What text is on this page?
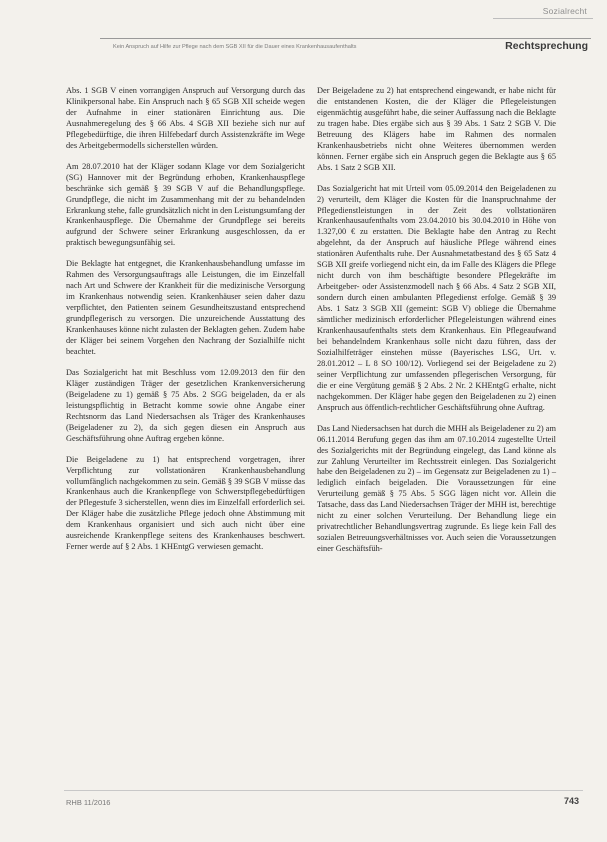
Sozialrecht
Kein Anspruch auf Hilfe zur Pflege nach dem SGB XII für die Dauer eines Krankenhausaufenthalts	Rechtsprechung

Abs. 1 SGB V einen vorrangigen Anspruch auf Versorgung durch das Klinikpersonal habe. Ein Anspruch nach § 65 SGB XII scheide wegen der Aufnahme in einer stationären Einrichtung aus. Die Ausnahmeregelung des § 66 Abs. 4 SGB XII beziehe sich nur auf Pflegebedürftige, die ihren Hilfebedarf durch Assistenzkräfte im Wege des Arbeitgebermodells sicherstellen würden.

Am 28.07.2010 hat der Kläger sodann Klage vor dem Sozialgericht (SG) Hannover mit der Begründung erhoben, Krankenhauspflege beschränke sich gemäß § 39 SGB V auf die Behandlungspflege. Grundpflege, die nicht im Zusammenhang mit der zu behandelnden Erkrankung stehe, falle grundsätzlich nicht in den Leistungsumfang der Krankenhauspflege. Die Übernahme der Grundpflege sei bereits aufgrund der Schwere seiner Erkrankung ausgeschlossen, da er praktisch bewegungsunfähig sei.

Die Beklagte hat entgegnet, die Krankenhausbehandlung umfasse im Rahmen des Versorgungsauftrags alle Leistungen, die im Einzelfall nach Art und Schwere der Krankheit für die medizinische Versorgung im Krankenhaus notwendig seien. Krankenhäuser seien daher dazu verpflichtet, den Patienten seinem Gesundheitszustand entsprechend grundpflegerisch zu versorgen. Die unzureichende Ausstattung des Krankenhauses könne nicht zulasten der Beklagten gehen. Zudem habe der Kläger bei seinem Vorgehen den Nachrang der Sozialhilfe nicht beachtet.

Das Sozialgericht hat mit Beschluss vom 12.09.2013 den für den Kläger zuständigen Träger der gesetzlichen Krankenversicherung (Beigeladene zu 1) gemäß § 75 Abs. 2 SGG beigeladen, da er als leistungspflichtig in Betracht komme sowie ohne Angabe einer Rechtsnorm das Land Niedersachsen als Träger des Krankenhauses (Beigeladener zu 2), da sich gegen diesen ein Anspruch aus Geschäftsführung ohne Auftrag ergeben könne.

Die Beigeladene zu 1) hat entsprechend vorgetragen, ihrer Verpflichtung zur vollstationären Krankenhausbehandlung vollumfänglich nachgekommen zu sein. Gemäß § 39 SGB V müsse das Krankenhaus auch die Krankenpflege von Schwerstpflegebedürftigen der Pflegestufe 3 sicherstellen, wenn dies im Einzelfall erforderlich sei. Der Kläger habe die zusätzliche Pflege jedoch ohne Abstimmung mit dem Krankenhaus organisiert und sich auch nicht über eine ausreichende Krankenpflege seitens des Krankenhauses beschwert. Ferner werde auf § 2 Abs. 1 KHEntgG verwiesen gemacht.

Der Beigeladene zu 2) hat entsprechend eingewandt, er habe nicht für die entstandenen Kosten, die der Kläger die Pflegeleistungen eigenmächtig ausgeführt habe, die seiner Auffassung nach die Beklagte zu tragen habe. Dies ergäbe sich aus § 39 Abs. 1 Satz 2 SGB V. Die Betreuung des Klägers habe im Rahmen des normalen Krankenhausbetriebs nicht ohne Weiteres übernommen werden können. Ferner ergäbe sich ein Anspruch gegen die Beklagte aus § 65 Abs. 1 Satz 2 SGB XII.

Das Sozialgericht hat mit Urteil vom 05.09.2014 den Beigeladenen zu 2) verurteilt, dem Kläger die Kosten für die Inanspruchnahme der Pflegedienstleistungen in der Zeit des vollstationären Krankenhausaufenthalts vom 23.04.2010 bis 30.04.2010 in Höhe von 1.327,00 € zu erstatten. Die Beklagte habe den Antrag zu Recht abgelehnt, da der Anspruch auf häusliche Pflege während eines stationären Aufenthalts ruhe. Der Ausnahmetatbestand des § 65 Satz 4 SGB XII greife vorliegend nicht ein, da im Falle des Klägers die Pflege nicht durch von ihm beschäftigte besondere Pflegekräfte im Arbeitgeber- oder Assistenzmodell nach § 66 Abs. 4 Satz 2 SGB XII, sondern durch einen ambulanten Pflegedienst erfolge. Gemäß § 39 Abs. 1 Satz 3 SGB XII (gemeint: SGB V) obliege die Übernahme sämtlicher medizinisch erforderlicher Pflegeleistungen während eines Krankenhausaufenthalts stets dem Krankenhaus. Ein Pflegeaufwand bei behandelndem Krankenhaus solle nicht dazu führen, dass der Sozialhilfeträger einstehen müsse (Bayerisches LSG, Urt. v. 28.01.2012 – L 8 SO 100/12). Vorliegend sei der Beigeladene zu 2) seiner Verpflichtung zur umfassenden pflegerischen Versorgung, für die er eine Vergütung gemäß § 2 Abs. 2 Nr. 2 KHEntgG erhalte, nicht nachgekommen. Der Kläger habe gegen den Beigeladenen zu 2) einen Anspruch aus öffentlich-rechtlicher Geschäftsführung ohne Auftrag.

Das Land Niedersachsen hat durch die MHH als Beigeladener zu 2) am 06.11.2014 Berufung gegen das ihm am 07.10.2014 zugestellte Urteil des Sozialgerichts mit der Begründung eingelegt, das Land könne als zur Zahlung Verurteilter im Rechtsstreit einlegen. Das Sozialgericht habe den Beigeladenen zu 2) – im Gegensatz zur Beigeladenen zu 1) – lediglich einfach beigeladen. Die Voraussetzungen für eine Verurteilung gemäß § 75 Abs. 5 SGG lägen nicht vor. Allein die Tatsache, dass das Land Niedersachsen Träger der MHH ist, berechtige nicht zu einer solchen Verurteilung. Der Behandlung liege ein privatrechtlicher Behandlungsvertrag zugrunde. Es liege kein Fall des sozialen Betreuungsverhältnisses vor. Auch seien die Voraussetzungen einer Geschäftsfüh-

RHB 11/2016	743
